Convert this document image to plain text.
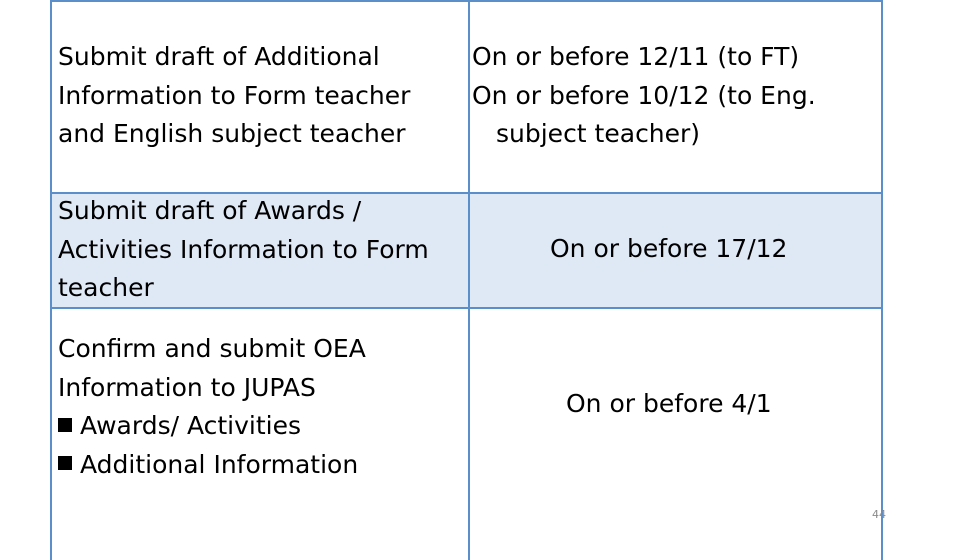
Submit draft of Additional
Information to Form teacher
and English subject teacher
On or before 12/11 (to FT)
On or before 10/12 (to Eng.
subject teacher)
Submit draft of Awards /
Activities Information to Form
teacher
On or before 17/12
Confirm and submit OEA
Information to JUPAS
Awards/ Activities
Additional Information
On or before 4/1
44
